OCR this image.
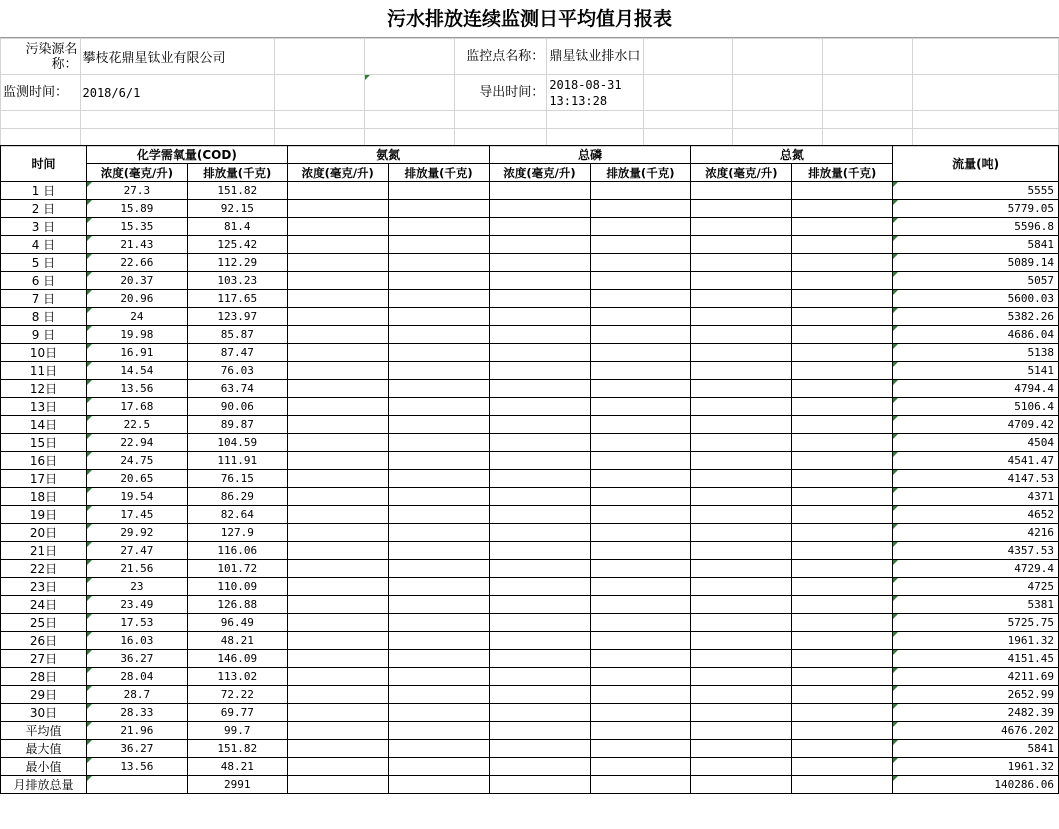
污水排放连续监测日平均值月报表
污染源名称：	攀枝花鼎星钛业有限公司			监控点名称：	鼎星钛业排水口				
监测时间：	2018/6/1			导出时间：	2018-08-31 13:13:28				

时间	化学需氧量(COD)		氨氮		总磷		总氮		流量(吨)
	浓度(毫克/升)	排放量(千克)	浓度(毫克/升)	排放量(千克)	浓度(毫克/升)	排放量(千克)	浓度(毫克/升)	排放量(千克)	
1 日	27.3	151.82							5555
2 日	15.89	92.15							5779.05
3 日	15.35	81.4							5596.8
4 日	21.43	125.42							5841
5 日	22.66	112.29							5089.14
6 日	20.37	103.23							5057
7 日	20.96	117.65							5600.03
8 日	24	123.97							5382.26
9 日	19.98	85.87							4686.04
10日	16.91	87.47							5138
11日	14.54	76.03							5141
12日	13.56	63.74							4794.4
13日	17.68	90.06							5106.4
14日	22.5	89.87							4709.42
15日	22.94	104.59							4504
16日	24.75	111.91							4541.47
17日	20.65	76.15							4147.53
18日	19.54	86.29							4371
19日	17.45	82.64							4652
20日	29.92	127.9							4216
21日	27.47	116.06							4357.53
22日	21.56	101.72							4729.4
23日	23	110.09							4725
24日	23.49	126.88							5381
25日	17.53	96.49							5725.75
26日	16.03	48.21							1961.32
27日	36.27	146.09							4151.45
28日	28.04	113.02							4211.69
29日	28.7	72.22							2652.99
30日	28.33	69.77							2482.39
平均值	21.96	99.7							4676.202
最大值	36.27	151.82							5841
最小值	13.56	48.21							1961.32
月排放总量		2991							140286.06
